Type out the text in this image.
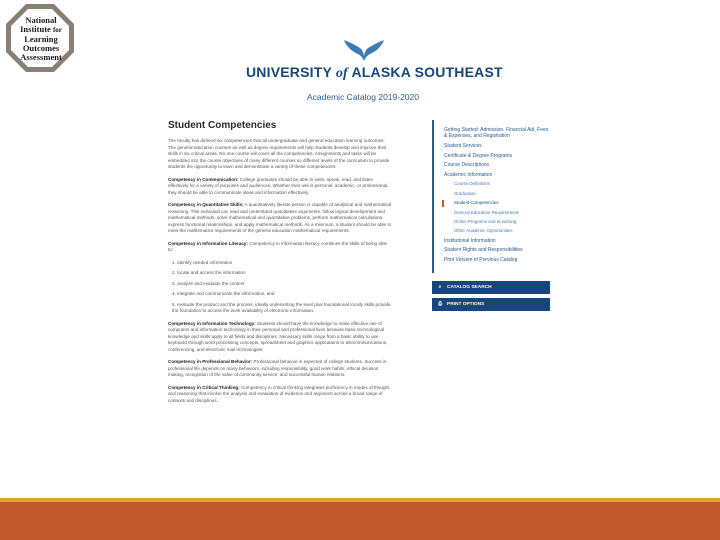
National
Institute for
Learning Outcomes
Assessment
UNIVERSITY of ALASKA SOUTHEAST
Academic Catalog 2019-2020
Student Competencies

The faculty has defined six competencies that all undergraduate and general education learning outcomes. The general education courses as well as degree requirements will help students develop and improve their skills in six critical areas. No one course will cover all the competencies. Assignments and tasks will be embedded into the course objectives of many different courses so different levels of the curriculum to provide students the opportunity to learn and demonstrate a variety of these competencies.

Competency in Communication: College graduates should be able to write, speak, read, and listen effectively for a variety of purposes and audiences. Whether their use is personal, academic, or professional, they should be able to communicate ideas and information effectively.

Competency in Quantitative Skills: A quantitatively literate person is capable of analytical and mathematical reasoning. This individual can read and understand quantitative arguments, follow logical development and mathematical methods, solve mathematical and quantitative problems, perform mathematical calculations, express functional relationships, and apply mathematical methods. As a minimum, a student should be able to meet the mathematics requirements of the general education mathematical requirements.

Competency in Information Literacy: Competency in information literacy combines the skills of being able to:

1. identify needed information
2. locate and access the information
3. analyze and evaluate the content
4. integrate and communicate the information, and
5. evaluate the product and the process, ideally underwriting the level plus foundational locally skills provide the foundation to access the work availability of electronic information.

Competency in Information Technology: Students should have the knowledge to make effective use of computers and information technology in their personal and professional lives because basic technological knowledge and skills apply to all fields and disciplines. Necessary skills range from a basic ability to use keyboard through word processing concepts, spreadsheet and graphics applications to telecommunications, conferencing, and electronic mail technologies.

Competency in Professional Behavior: Professional behavior is expected of college students. Success in professional life depends on many behaviors, including responsibility, good work habits, ethical decision making, recognition of the value of community service, and successful human relations.

Competency in Critical Thinking: Competency in critical thinking integrates proficiency in modes of thought and reasoning that involve the analysis and evaluation of evidence and argument across a broad range of contexts and disciplines.

Getting Started: Admission, Financial Aid, Fees & Expenses, and Registration
Student Services
Certificate & Degree Programs
Course Descriptions
Academic Information
Course Definitions
Graduation
Student Competencies
General Education Requirements
Online Programs and eLearning
Other Academic Opportunities
Institutional Information
Student Rights and Responsibilities
Print Version of Previous Catalog
⌕ CATALOG SEARCH
⎙ PRINT OPTIONS
